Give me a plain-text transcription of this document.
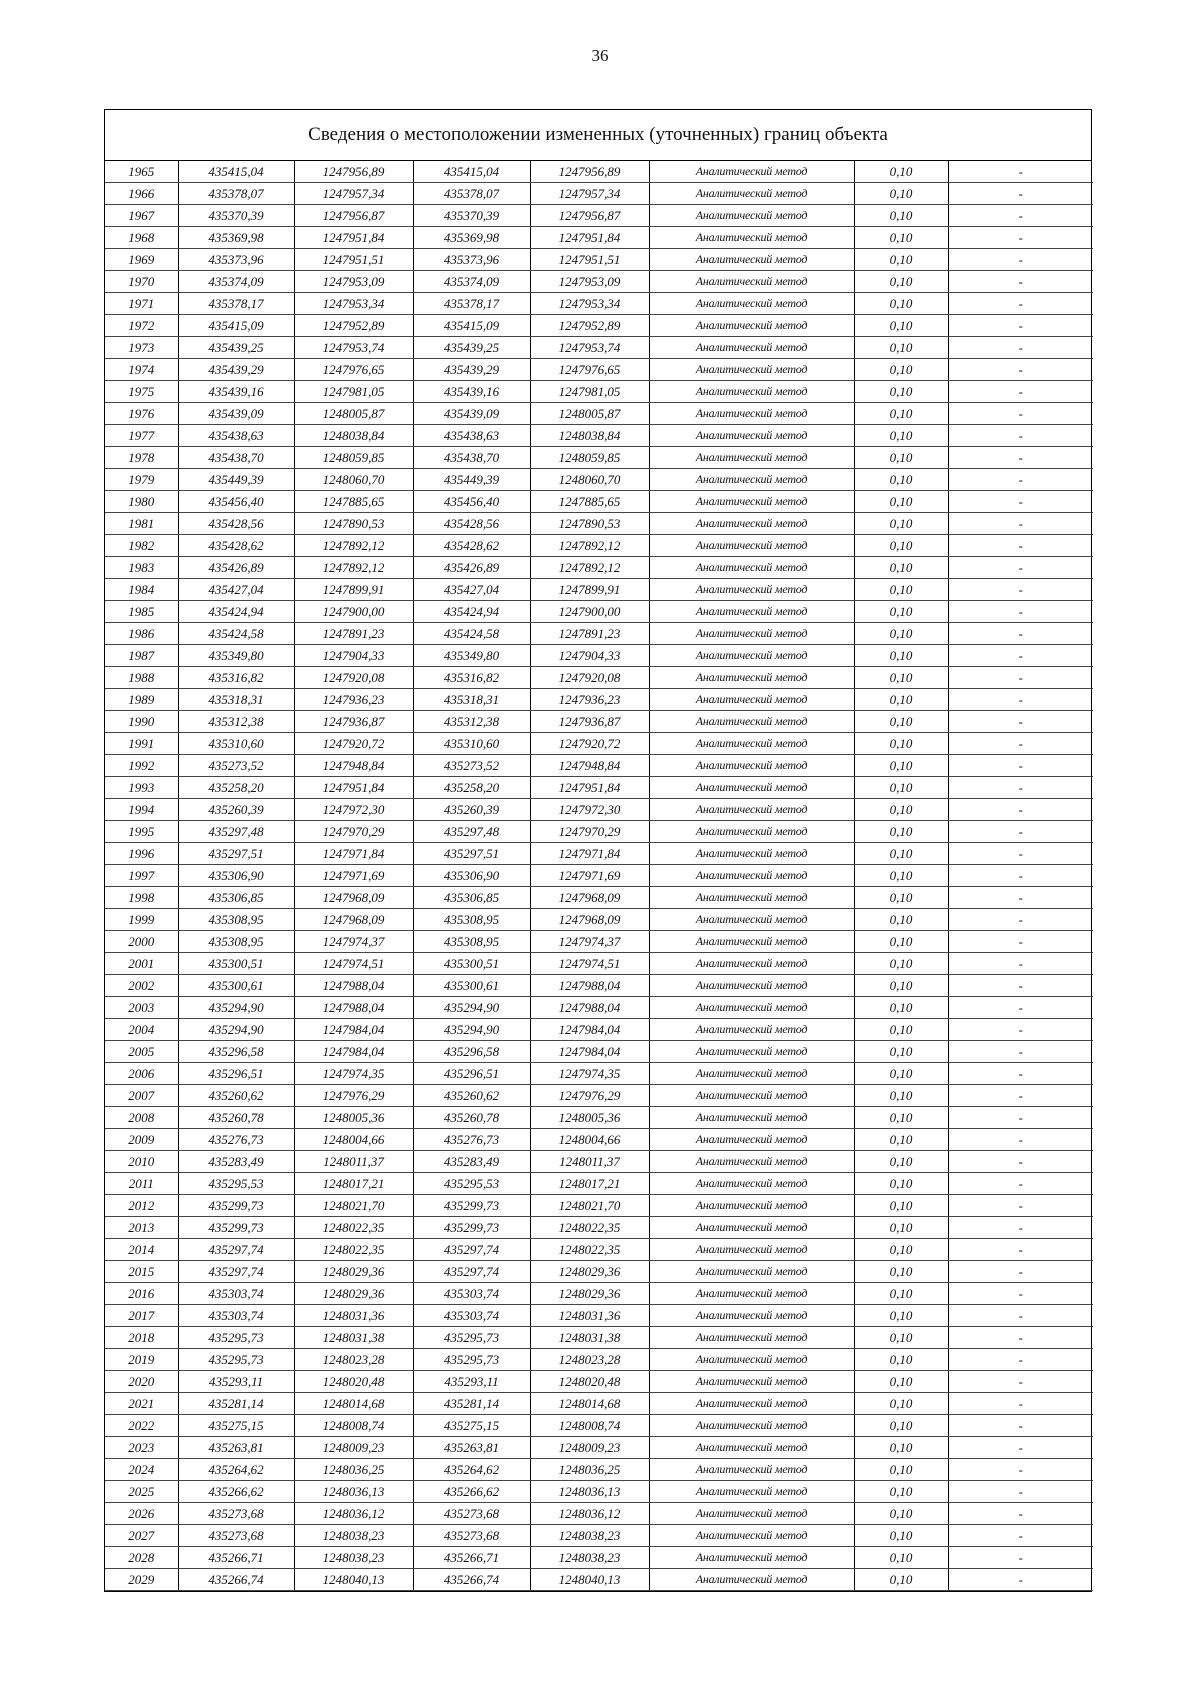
36
Сведения о местоположении измененных (уточненных) границ объекта
1965	435415,04	1247956,89	435415,04	1247956,89	Аналитический метод	0,10	-
1966	435378,07	1247957,34	435378,07	1247957,34	Аналитический метод	0,10	-
1967	435370,39	1247956,87	435370,39	1247956,87	Аналитический метод	0,10	-
1968	435369,98	1247951,84	435369,98	1247951,84	Аналитический метод	0,10	-
1969	435373,96	1247951,51	435373,96	1247951,51	Аналитический метод	0,10	-
1970	435374,09	1247953,09	435374,09	1247953,09	Аналитический метод	0,10	-
1971	435378,17	1247953,34	435378,17	1247953,34	Аналитический метод	0,10	-
1972	435415,09	1247952,89	435415,09	1247952,89	Аналитический метод	0,10	-
1973	435439,25	1247953,74	435439,25	1247953,74	Аналитический метод	0,10	-
1974	435439,29	1247976,65	435439,29	1247976,65	Аналитический метод	0,10	-
1975	435439,16	1247981,05	435439,16	1247981,05	Аналитический метод	0,10	-
1976	435439,09	1248005,87	435439,09	1248005,87	Аналитический метод	0,10	-
1977	435438,63	1248038,84	435438,63	1248038,84	Аналитический метод	0,10	-
1978	435438,70	1248059,85	435438,70	1248059,85	Аналитический метод	0,10	-
1979	435449,39	1248060,70	435449,39	1248060,70	Аналитический метод	0,10	-
1980	435456,40	1247885,65	435456,40	1247885,65	Аналитический метод	0,10	-
1981	435428,56	1247890,53	435428,56	1247890,53	Аналитический метод	0,10	-
1982	435428,62	1247892,12	435428,62	1247892,12	Аналитический метод	0,10	-
1983	435426,89	1247892,12	435426,89	1247892,12	Аналитический метод	0,10	-
1984	435427,04	1247899,91	435427,04	1247899,91	Аналитический метод	0,10	-
1985	435424,94	1247900,00	435424,94	1247900,00	Аналитический метод	0,10	-
1986	435424,58	1247891,23	435424,58	1247891,23	Аналитический метод	0,10	-
1987	435349,80	1247904,33	435349,80	1247904,33	Аналитический метод	0,10	-
1988	435316,82	1247920,08	435316,82	1247920,08	Аналитический метод	0,10	-
1989	435318,31	1247936,23	435318,31	1247936,23	Аналитический метод	0,10	-
1990	435312,38	1247936,87	435312,38	1247936,87	Аналитический метод	0,10	-
1991	435310,60	1247920,72	435310,60	1247920,72	Аналитический метод	0,10	-
1992	435273,52	1247948,84	435273,52	1247948,84	Аналитический метод	0,10	-
1993	435258,20	1247951,84	435258,20	1247951,84	Аналитический метод	0,10	-
1994	435260,39	1247972,30	435260,39	1247972,30	Аналитический метод	0,10	-
1995	435297,48	1247970,29	435297,48	1247970,29	Аналитический метод	0,10	-
1996	435297,51	1247971,84	435297,51	1247971,84	Аналитический метод	0,10	-
1997	435306,90	1247971,69	435306,90	1247971,69	Аналитический метод	0,10	-
1998	435306,85	1247968,09	435306,85	1247968,09	Аналитический метод	0,10	-
1999	435308,95	1247968,09	435308,95	1247968,09	Аналитический метод	0,10	-
2000	435308,95	1247974,37	435308,95	1247974,37	Аналитический метод	0,10	-
2001	435300,51	1247974,51	435300,51	1247974,51	Аналитический метод	0,10	-
2002	435300,61	1247988,04	435300,61	1247988,04	Аналитический метод	0,10	-
2003	435294,90	1247988,04	435294,90	1247988,04	Аналитический метод	0,10	-
2004	435294,90	1247984,04	435294,90	1247984,04	Аналитический метод	0,10	-
2005	435296,58	1247984,04	435296,58	1247984,04	Аналитический метод	0,10	-
2006	435296,51	1247974,35	435296,51	1247974,35	Аналитический метод	0,10	-
2007	435260,62	1247976,29	435260,62	1247976,29	Аналитический метод	0,10	-
2008	435260,78	1248005,36	435260,78	1248005,36	Аналитический метод	0,10	-
2009	435276,73	1248004,66	435276,73	1248004,66	Аналитический метод	0,10	-
2010	435283,49	1248011,37	435283,49	1248011,37	Аналитический метод	0,10	-
2011	435295,53	1248017,21	435295,53	1248017,21	Аналитический метод	0,10	-
2012	435299,73	1248021,70	435299,73	1248021,70	Аналитический метод	0,10	-
2013	435299,73	1248022,35	435299,73	1248022,35	Аналитический метод	0,10	-
2014	435297,74	1248022,35	435297,74	1248022,35	Аналитический метод	0,10	-
2015	435297,74	1248029,36	435297,74	1248029,36	Аналитический метод	0,10	-
2016	435303,74	1248029,36	435303,74	1248029,36	Аналитический метод	0,10	-
2017	435303,74	1248031,36	435303,74	1248031,36	Аналитический метод	0,10	-
2018	435295,73	1248031,38	435295,73	1248031,38	Аналитический метод	0,10	-
2019	435295,73	1248023,28	435295,73	1248023,28	Аналитический метод	0,10	-
2020	435293,11	1248020,48	435293,11	1248020,48	Аналитический метод	0,10	-
2021	435281,14	1248014,68	435281,14	1248014,68	Аналитический метод	0,10	-
2022	435275,15	1248008,74	435275,15	1248008,74	Аналитический метод	0,10	-
2023	435263,81	1248009,23	435263,81	1248009,23	Аналитический метод	0,10	-
2024	435264,62	1248036,25	435264,62	1248036,25	Аналитический метод	0,10	-
2025	435266,62	1248036,13	435266,62	1248036,13	Аналитический метод	0,10	-
2026	435273,68	1248036,12	435273,68	1248036,12	Аналитический метод	0,10	-
2027	435273,68	1248038,23	435273,68	1248038,23	Аналитический метод	0,10	-
2028	435266,71	1248038,23	435266,71	1248038,23	Аналитический метод	0,10	-
2029	435266,74	1248040,13	435266,74	1248040,13	Аналитический метод	0,10	-
